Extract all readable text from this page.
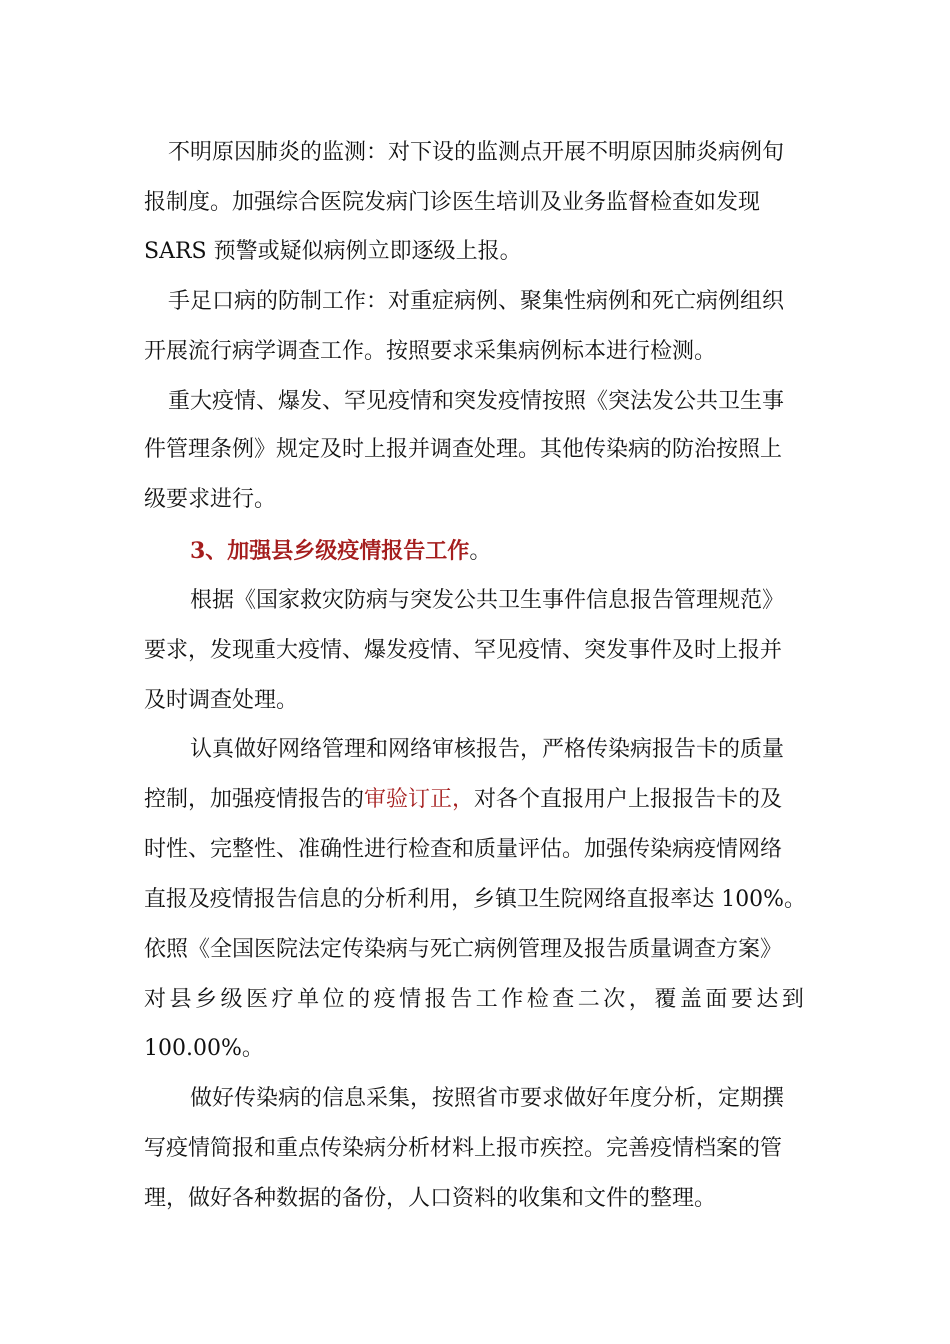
不明原因肺炎的监测：对下设的监测点开展不明原因肺炎病例旬
报制度。加强综合医院发病门诊医生培训及业务监督检查如发现
SARS 预警或疑似病例立即逐级上报。
手足口病的防制工作：对重症病例、聚集性病例和死亡病例组织
开展流行病学调查工作。按照要求采集病例标本进行检测。
重大疫情、爆发、罕见疫情和突发疫情按照《突法发公共卫生事
件管理条例》规定及时上报并调查处理。其他传染病的防治按照上
级要求进行。
3、加强县乡级疫情报告工作。
根据《国家救灾防病与突发公共卫生事件信息报告管理规范》
要求，发现重大疫情、爆发疫情、罕见疫情、突发事件及时上报并
及时调查处理。
认真做好网络管理和网络审核报告，严格传染病报告卡的质量
控制，加强疫情报告的审验订正，对各个直报用户上报报告卡的及
时性、完整性、准确性进行检查和质量评估。加强传染病疫情网络
直报及疫情报告信息的分析利用，乡镇卫生院网络直报率达 100%。
依照《全国医院法定传染病与死亡病例管理及报告质量调查方案》
对 县 乡 级 医 疗 单 位 的 疫 情 报 告 工 作 检 查 二 次 ， 覆 盖 面 要 达 到
100.00%。
做好传染病的信息采集，按照省市要求做好年度分析，定期撰
写疫情简报和重点传染病分析材料上报市疾控。完善疫情档案的管
理，做好各种数据的备份，人口资料的收集和文件的整理。
